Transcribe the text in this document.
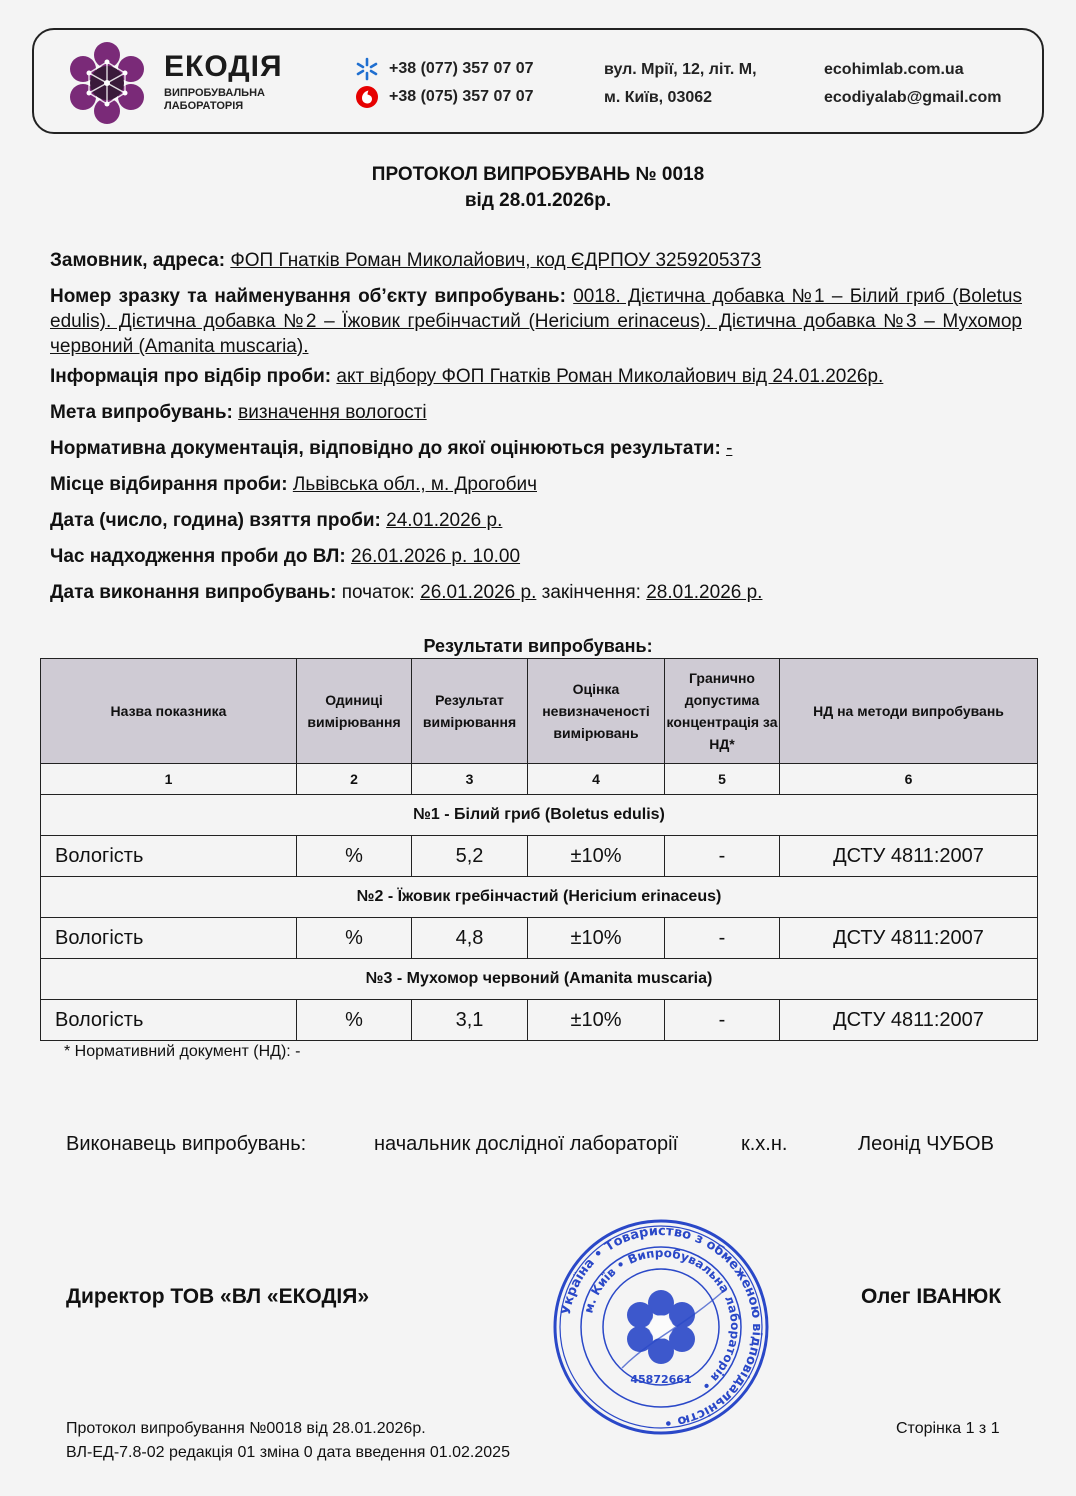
ЕКОДІЯ
ВИПРОБУВАЛЬНА
ЛАБОРАТОРІЯ
+38 (077) 357 07 07
+38 (075) 357 07 07
вул. Мрії, 12, літ. М,
м. Київ, 03062
ecohimlab.com.ua
ecodiyalab@gmail.com
ПРОТОКОЛ ВИПРОБУВАНЬ № 0018
від 28.01.2026р.
Замовник, адреса: ФОП Гнатків Роман Миколайович, код ЄДРПОУ 3259205373
Номер зразку та найменування об’єкту випробувань: 0018. Дієтична добавка №1 – Білий гриб (Boletus edulis). Дієтична добавка №2 – Їжовик гребінчастий (Hericium erinaceus). Дієтична добавка №3 – Мухомор червоний (Amanita muscaria).
Інформація про відбір проби: акт відбору ФОП Гнатків Роман Миколайович від 24.01.2026р.
Мета випробувань: визначення вологості
Нормативна документація, відповідно до якої оцінюються результати: -
Місце відбирання проби: Львівська обл., м. Дрогобич
Дата (число, година) взяття проби: 24.01.2026 р.
Час надходження проби до ВЛ: 26.01.2026 р. 10.00
Дата виконання випробувань: початок: 26.01.2026 р. закінчення: 28.01.2026 р.
Результати випробувань:
Назва показника	Одиниці вимірювання	Результат вимірювання	Оцінка невизначеності вимірювань	Гранично допустима концентрація за НД*	НД на методи випробувань
1	2	3	4	5	6
№1 - Білий гриб (Boletus edulis)					
Вологість	%	5,2	±10%	-	ДСТУ 4811:2007
№2 - Їжовик гребінчастий (Hericium erinaceus)					
Вологість	%	4,8	±10%	-	ДСТУ 4811:2007
№3 - Мухомор червоний (Amanita muscaria)					
Вологість	%	3,1	±10%	-	ДСТУ 4811:2007
* Нормативний документ (НД): -
Виконавець випробувань:	начальник дослідної лабораторії	к.х.н.	Леонід ЧУБОВ
Директор ТОВ «ВЛ «ЕКОДІЯ»	Олег ІВАНЮК
Україна • Товариство з обмеженою відповідальністю •
м. Київ • Випробувальна лабораторія •
45872661
Протокол випробування №0018 від 28.01.2026р.
ВЛ-ЕД-7.8-02 редакція 01 зміна 0 дата введення 01.02.2025
Сторінка 1 з 1
